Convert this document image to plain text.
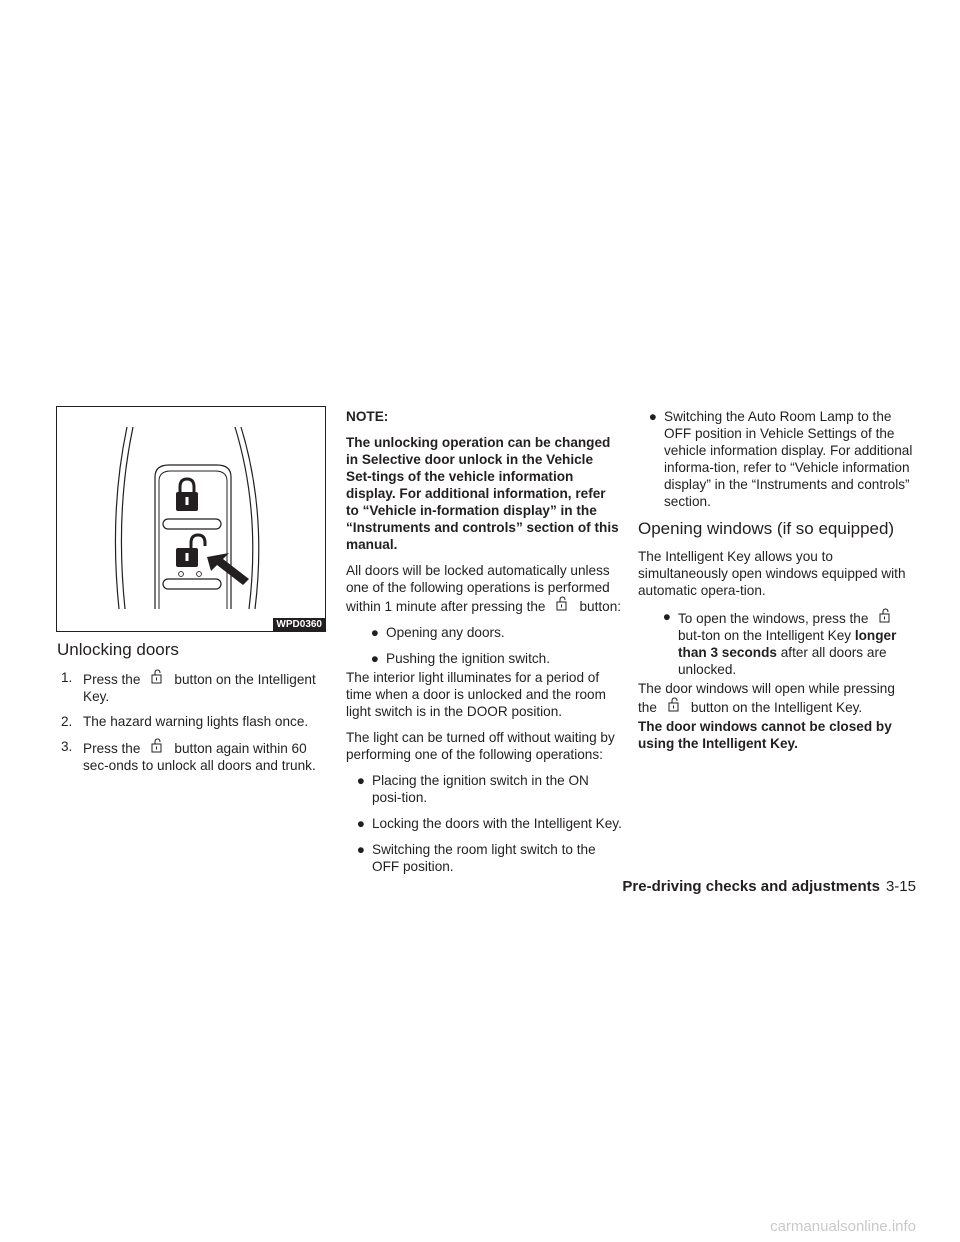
WPD0360
Unlocking doors
1. Press the	button on the Intelligent Key.
2. The hazard warning lights flash once.
3. Press the	button again within 60 sec-onds to unlock all doors and trunk.
NOTE:

The unlocking operation can be changed in Selective door unlock in the Vehicle Set-tings of the vehicle information display. For additional information, refer to “Vehicle in-formation display” in the “Instruments and controls” section of this manual.

All doors will be locked automatically unless one of the following operations is performed within 1 minute after pressing the	button:

● Opening any doors.
● Pushing the ignition switch.

The interior light illuminates for a period of time when a door is unlocked and the room light switch is in the DOOR position.

The light can be turned off without waiting by performing one of the following operations:

● Placing the ignition switch in the ON posi-tion.
● Locking the doors with the Intelligent Key.
● Switching the room light switch to the OFF position.
● Switching the Auto Room Lamp to the OFF position in Vehicle Settings of the vehicle information display. For additional informa-tion, refer to “Vehicle information display” in the “Instruments and controls” section.
Opening windows (if so equipped)

The Intelligent Key allows you to simultaneously open windows equipped with automatic opera-tion.

● To open the windows, press thebut-ton on the Intelligent Key longer than 3 seconds after all doors are unlocked.

The door windows will open while pressing the	button on the Intelligent Key.

The door windows cannot be closed by using the Intelligent Key.

Pre-driving checks and adjustments 3-15
carmanualsonline.info
